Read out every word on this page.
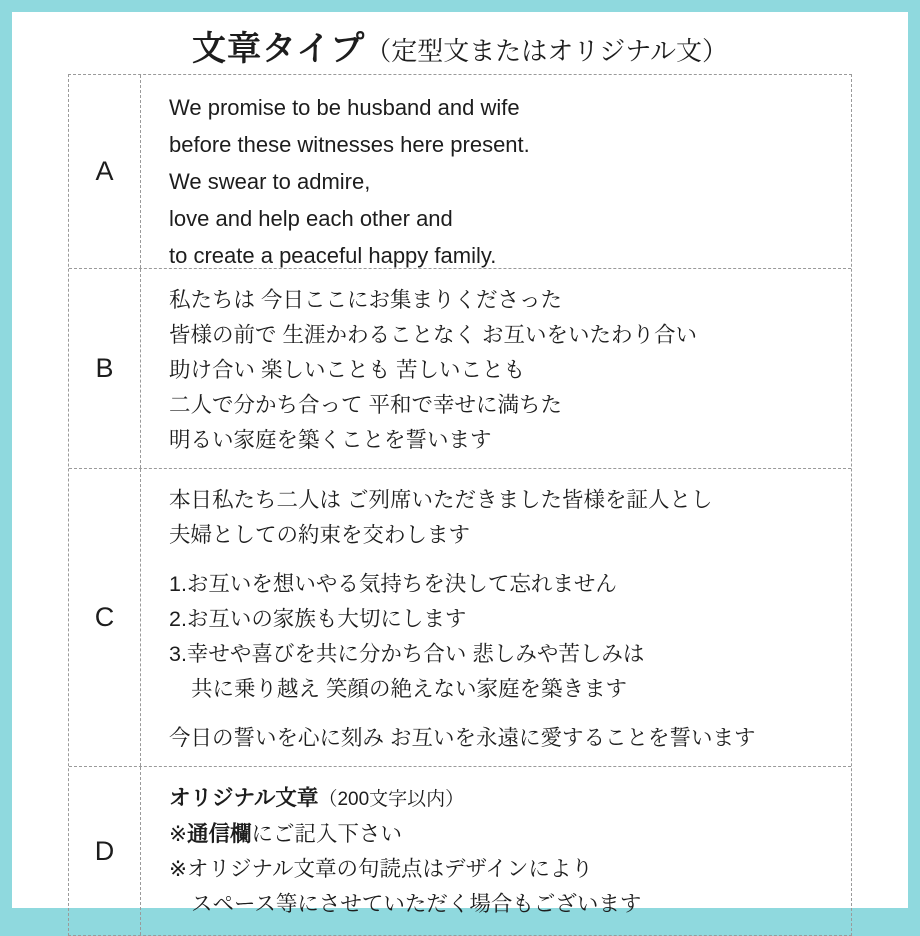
文章タイプ （定型文またはオリジナル文）
A
We promise to be husband and wife
before these witnesses here present.
We swear to admire,
love and help each other and
to create a peaceful happy family.
B
私たちは 今日ここにお集まりくださった
皆様の前で 生涯かわることなく お互いをいたわり合い
助け合い 楽しいことも 苦しいことも
二人で分かち合って 平和で幸せに満ちた
明るい家庭を築くことを誓います
C
本日私たち二人は ご列席いただきました皆様を証人とし
夫婦としての約束を交わします
1.お互いを想いやる気持ちを決して忘れません
2.お互いの家族も大切にします
3.幸せや喜びを共に分かち合い 悲しみや苦しみは
共に乗り越え 笑顔の絶えない家庭を築きます
今日の誓いを心に刻み お互いを永遠に愛することを誓います
D
オリジナル文章（200文字以内）
※通信欄にご記入下さい
※オリジナル文章の句読点はデザインにより
スペース等にさせていただく場合もございます
